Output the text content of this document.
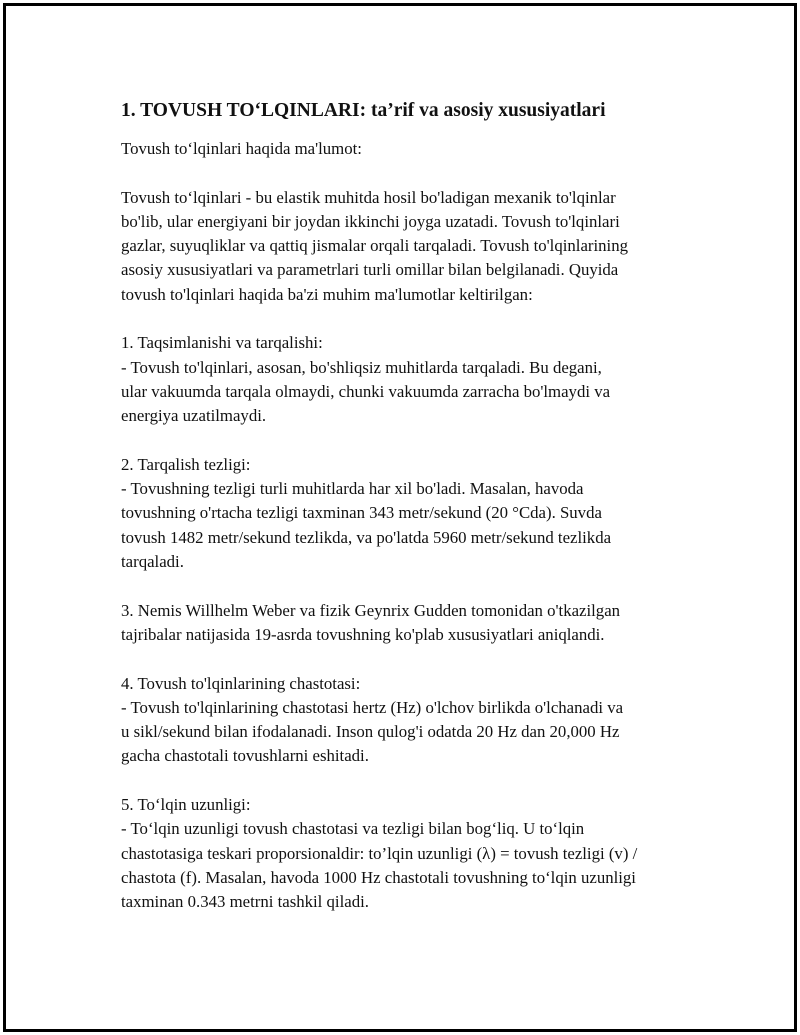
1. TOVUSH TO‘LQINLARI: ta’rif va asosiy xususiyatlari

Tovush to‘lqinlari haqida ma'lumot:

Tovush to‘lqinlari - bu elastik muhitda hosil bo'ladigan mexanik to'lqinlar
bo'lib, ular energiyani bir joydan ikkinchi joyga uzatadi. Tovush to'lqinlari
gazlar, suyuqliklar va qattiq jismalar orqali tarqaladi. Tovush to'lqinlarining
asosiy xususiyatlari va parametrlari turli omillar bilan belgilanadi. Quyida
tovush to'lqinlari haqida ba'zi muhim ma'lumotlar keltirilgan:

1. Taqsimlanishi va tarqalishi:
- Tovush to'lqinlari, asosan, bo'shliqsiz muhitlarda tarqaladi. Bu degani,
ular vakuumda tarqala olmaydi, chunki vakuumda zarracha bo'lmaydi va
energiya uzatilmaydi.

2. Tarqalish tezligi:
- Tovushning tezligi turli muhitlarda har xil bo'ladi. Masalan, havoda
tovushning o'rtacha tezligi taxminan 343 metr/sekund (20 °Cda). Suvda
tovush 1482 metr/sekund tezlikda, va po'latda 5960 metr/sekund tezlikda
tarqaladi.

3. Nemis Willhelm Weber va fizik Geynrix Gudden tomonidan o'tkazilgan
tajribalar natijasida 19-asrda tovushning ko'plab xususiyatlari aniqlandi.

4. Tovush to'lqinlarining chastotasi:
- Tovush to'lqinlarining chastotasi hertz (Hz) o'lchov birlikda o'lchanadi va
u sikl/sekund bilan ifodalanadi. Inson qulog'i odatda 20 Hz dan 20,000 Hz
gacha chastotali tovushlarni eshitadi.

5. To‘lqin uzunligi:
- To‘lqin uzunligi tovush chastotasi va tezligi bilan bog‘liq. U to‘lqin
chastotasiga teskari proporsionaldir: to’lqin uzunligi (λ) = tovush tezligi (v) /
chastota (f). Masalan, havoda 1000 Hz chastotali tovushning to‘lqin uzunligi
taxminan 0.343 metrni tashkil qiladi.
